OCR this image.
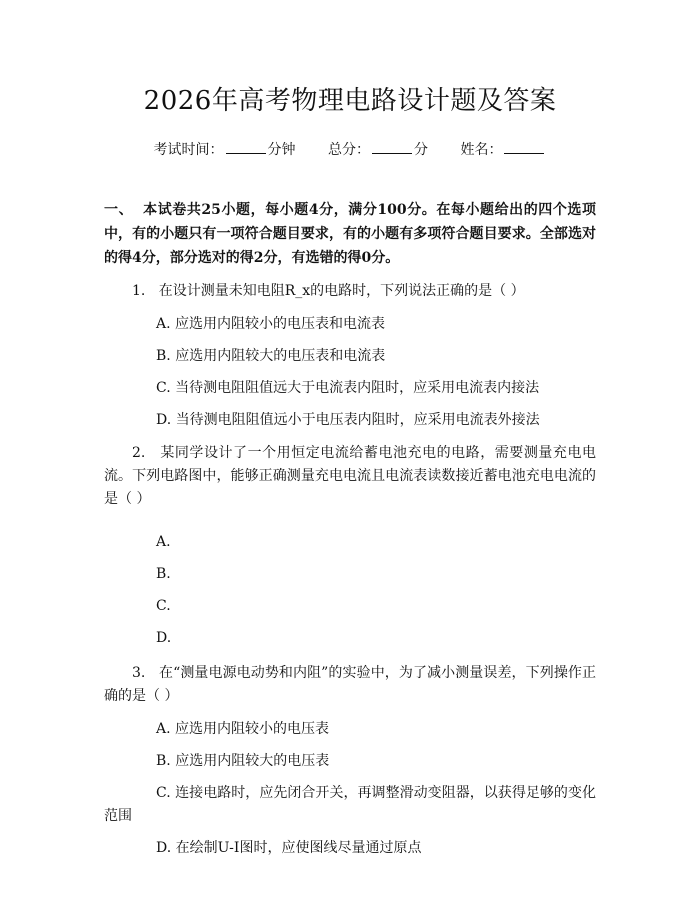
2026年高考物理电路设计题及答案
考试时间：	分钟 总分：	分 姓名：
一、 本试卷共25小题，每小题4分，满分100分。在每小题给出的四个选项中，有的小题只有一项符合题目要求，有的小题有多项符合题目要求。全部选对的得4分，部分选对的得2分，有选错的得0分。
1. 在设计测量未知电阻R_x的电路时，下列说法正确的是（ ）
A. 应选用内阻较小的电压表和电流表
B. 应选用内阻较大的电压表和电流表
C. 当待测电阻阻值远大于电流表内阻时，应采用电流表内接法
D. 当待测电阻阻值远小于电压表内阻时，应采用电流表外接法
2. 某同学设计了一个用恒定电流给蓄电池充电的电路，需要测量充电电流。下列电路图中，能够正确测量充电电流且电流表读数接近蓄电池充电电流的是（ ）
A.
B.
C.
D.
3. 在“测量电源电动势和内阻”的实验中，为了减小测量误差，下列操作正确的是（ ）
A. 应选用内阻较小的电压表
B. 应选用内阻较大的电压表
C. 连接电路时，应先闭合开关，再调整滑动变阻器，以获得足够的变化范围
D. 在绘制U-I图时，应使图线尽量通过原点
